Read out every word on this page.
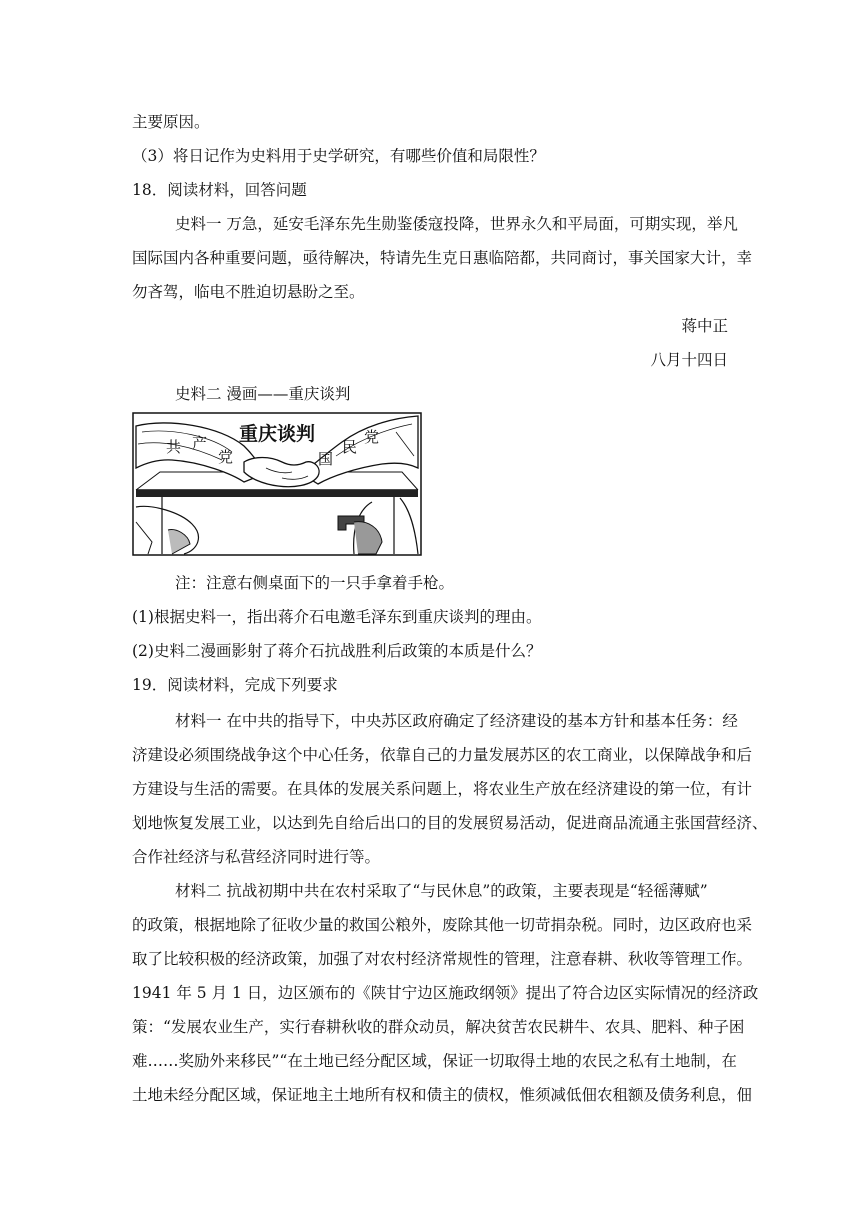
主要原因。
（3）将日记作为史料用于史学研究，有哪些价值和局限性？
18．阅读材料，回答问题
史料一 万急，延安毛泽东先生勋鉴倭寇投降，世界永久和平局面，可期实现，举凡
国际国内各种重要问题，亟待解决，特请先生克日惠临陪都，共同商讨，事关国家大计，幸
勿吝驾，临电不胜迫切悬盼之至。
蒋中正
八月十四日
史料二 漫画——重庆谈判
重庆谈判
共 产
党	国
民
党
注：注意右侧桌面下的一只手拿着手枪。
(1)根据史料一，指出蒋介石电邀毛泽东到重庆谈判的理由。
(2)史料二漫画影射了蒋介石抗战胜利后政策的本质是什么？
19．阅读材料，完成下列要求
材料一 在中共的指导下，中央苏区政府确定了经济建设的基本方针和基本任务：经
济建设必须围绕战争这个中心任务，依靠自己的力量发展苏区的农工商业，以保障战争和后
方建设与生活的需要。在具体的发展关系问题上，将农业生产放在经济建设的第一位，有计
划地恢复发展工业，以达到先自给后出口的目的发展贸易活动，促进商品流通主张国营经济、
合作社经济与私营经济同时进行等。
材料二 抗战初期中共在农村采取了“与民休息”的政策，主要表现是“轻徭薄赋”
的政策，根据地除了征收少量的救国公粮外，废除其他一切苛捐杂税。同时，边区政府也采
取了比较积极的经济政策，加强了对农村经济常规性的管理，注意春耕、秋收等管理工作。
1941 年 5 月 1 日，边区颁布的《陕甘宁边区施政纲领》提出了符合边区实际情况的经济政
策：“发展农业生产，实行春耕秋收的群众动员，解决贫苦农民耕牛、农具、肥料、种子困
难……奖励外来移民”“在土地已经分配区域，保证一切取得土地的农民之私有土地制，在
土地未经分配区域，保证地主土地所有权和债主的债权，惟须减低佃农租额及债务利息，佃
